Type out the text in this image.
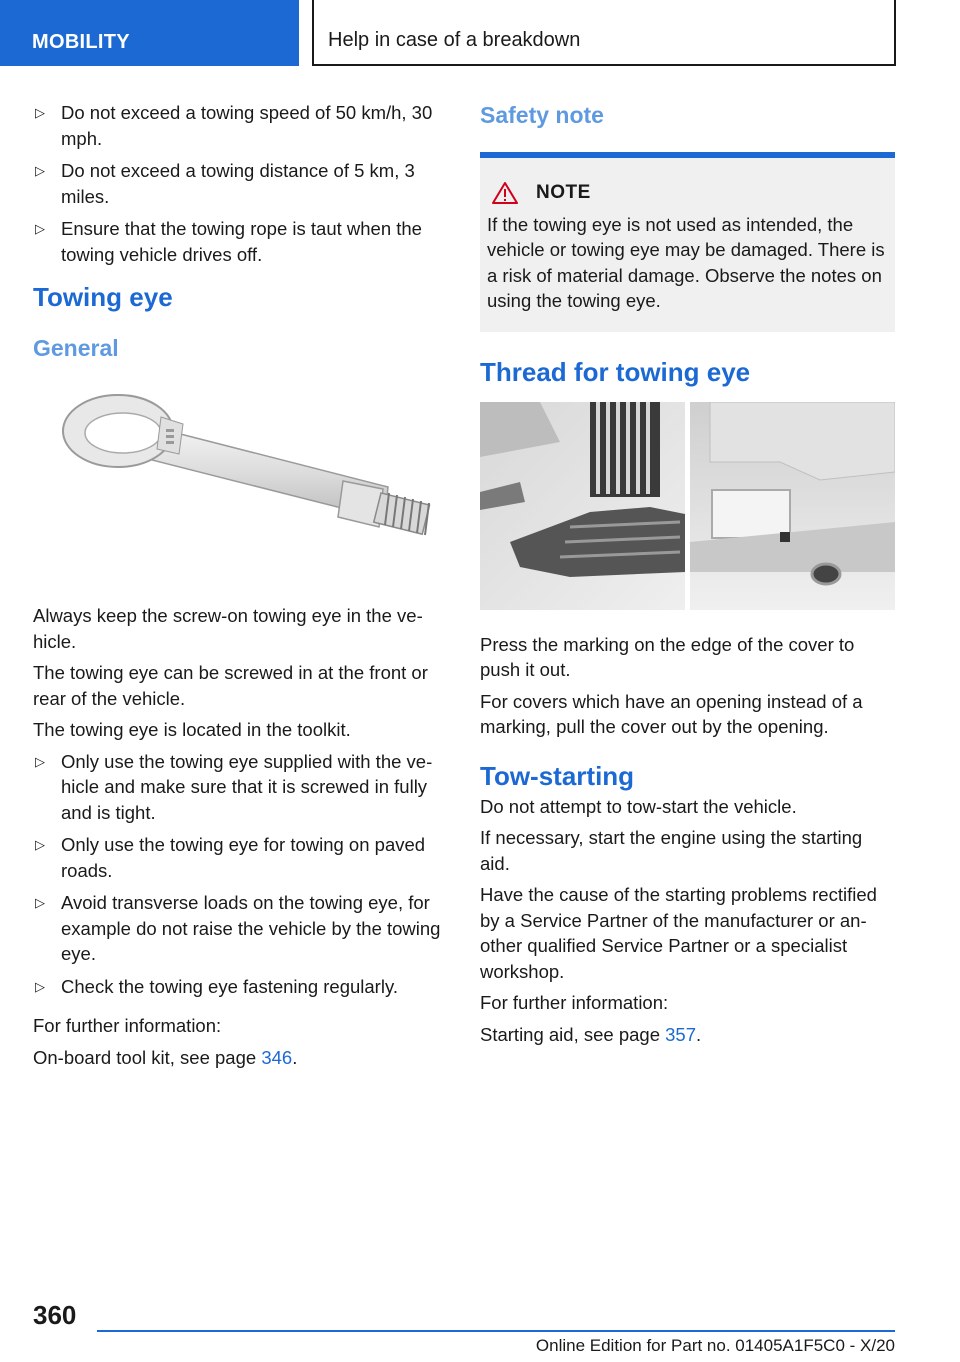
MOBILITY	Help in case of a breakdown
▷ Do not exceed a towing speed of 50 km/h, 30 mph.
▷ Do not exceed a towing distance of 5 km, 3 miles.
▷ Ensure that the towing rope is taut when the towing vehicle drives off.
Towing eye
General

Always keep the screw-on towing eye in the vehicle.

The towing eye can be screwed in at the front or rear of the vehicle.

The towing eye is located in the toolkit.

▷ Only use the towing eye supplied with the vehicle and make sure that it is screwed in fully and is tight.
▷ Only use the towing eye for towing on paved roads.
▷ Avoid transverse loads on the towing eye, for example do not raise the vehicle by the towing eye.
▷ Check the towing eye fastening regularly.

For further information:

On-board tool kit, see page 346.

Safety note
NOTE

If the towing eye is not used as intended, the vehicle or towing eye may be damaged. There is a risk of material damage. Observe the notes on using the towing eye.

Thread for towing eye

Press the marking on the edge of the cover to push it out.

For covers which have an opening instead of a marking, pull the cover out by the opening.

Tow-starting

Do not attempt to tow-start the vehicle.

If necessary, start the engine using the starting aid.

Have the cause of the starting problems rectified by a Service Partner of the manufacturer or another qualified Service Partner or a specialist workshop.

For further information:

Starting aid, see page 357.

360
Online Edition for Part no. 01405A1F5C0 - X/20
